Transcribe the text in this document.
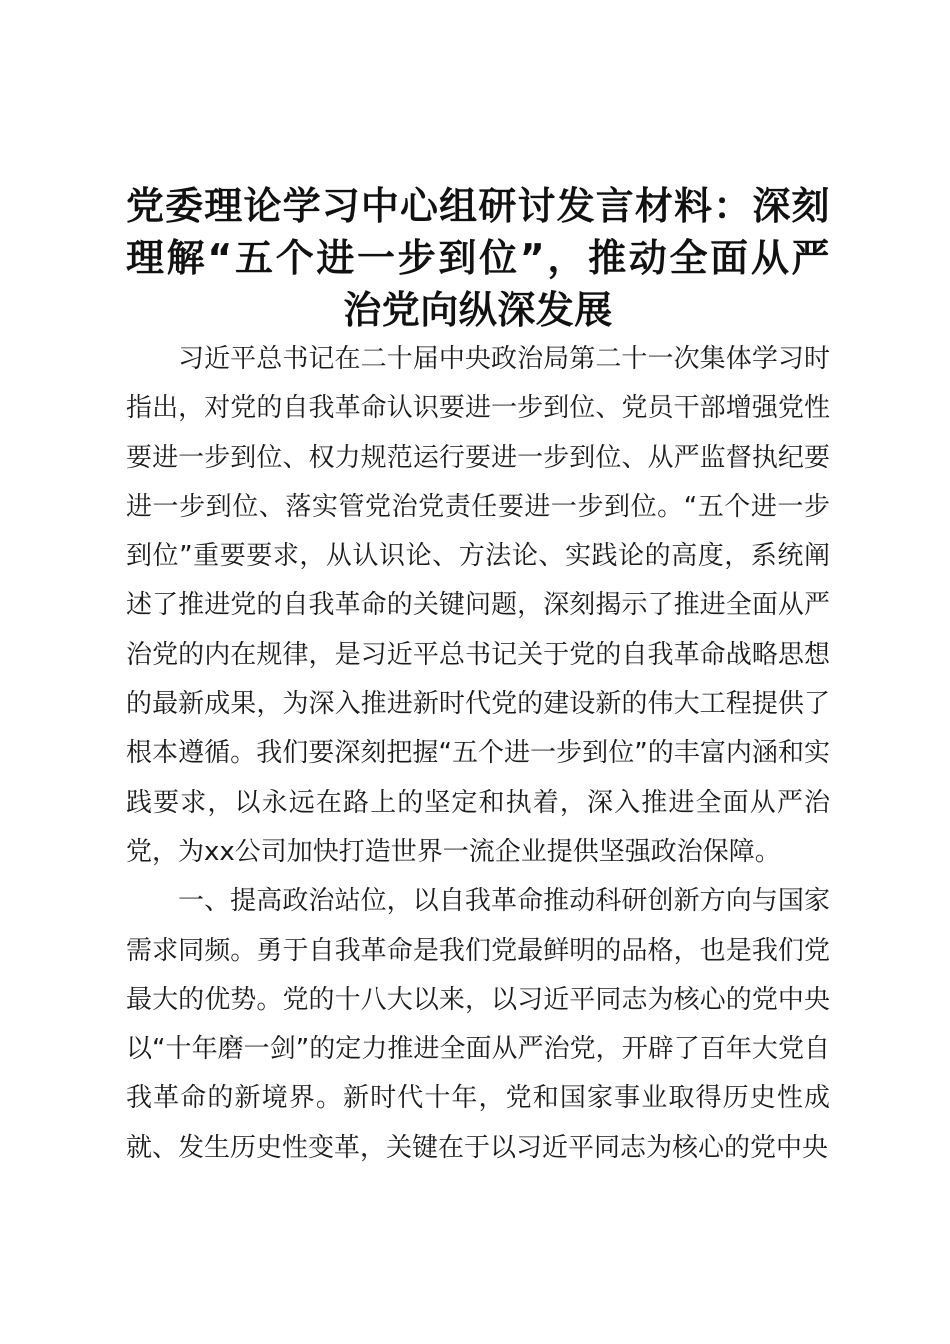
党委理论学习中心组研讨发言材料：深刻理解“五个进一步到位”，推动全面从严治党向纵深发展

习近平总书记在二十届中央政治局第二十一次集体学习时指出，对党的自我革命认识要进一步到位、党员干部增强党性要进一步到位、权力规范运行要进一步到位、从严监督执纪要进一步到位、落实管党治党责任要进一步到位。“五个进一步到位”重要要求，从认识论、方法论、实践论的高度，系统阐述了推进党的自我革命的关键问题，深刻揭示了推进全面从严治党的内在规律，是习近平总书记关于党的自我革命战略思想的最新成果，为深入推进新时代党的建设新的伟大工程提供了根本遵循。我们要深刻把握“五个进一步到位”的丰富内涵和实践要求，以永远在路上的坚定和执着，深入推进全面从严治党，为xx公司加快打造世界一流企业提供坚强政治保障。

一、提高政治站位，以自我革命推动科研创新方向与国家需求同频。勇于自我革命是我们党最鲜明的品格，也是我们党最大的优势。党的十八大以来，以习近平同志为核心的党中央以“十年磨一剑”的定力推进全面从严治党，开辟了百年大党自我革命的新境界。新时代十年，党和国家事业取得历史性成就、发生历史性变革，关键在于以习近平同志为核心的党中央
